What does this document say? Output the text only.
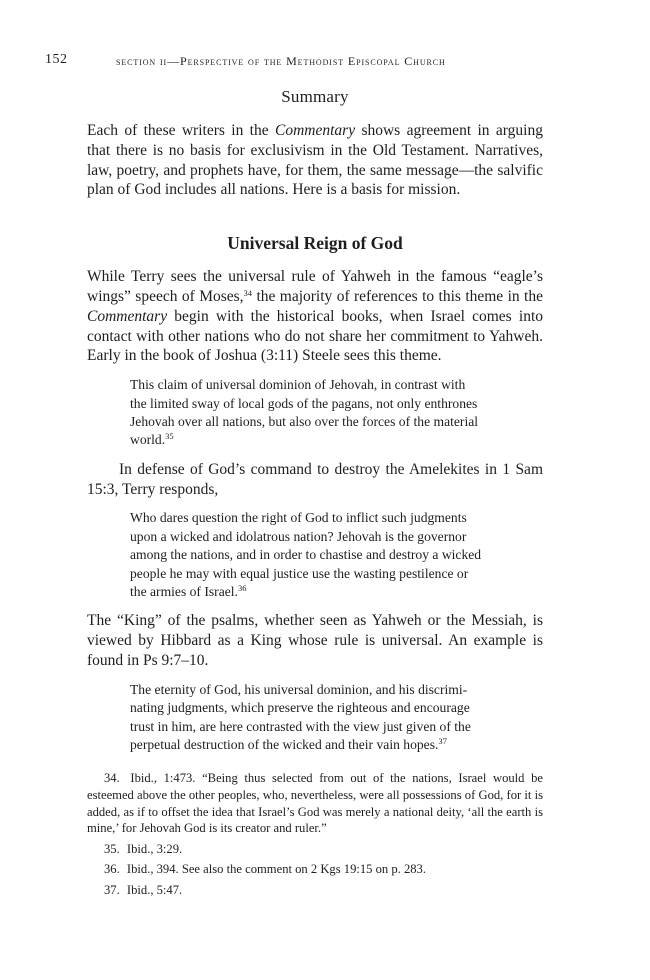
152	section ii—Perspective of the Methodist Episcopal Church
Summary

Each of these writers in the Commentary shows agreement in arguing that there is no basis for exclusivism in the Old Testament. Narratives, law, poetry, and prophets have, for them, the same message—the salvific plan of God includes all nations. Here is a basis for mission.

Universal Reign of God

While Terry sees the universal rule of Yahweh in the famous “eagle’s wings” speech of Moses,$^{34}$ the majority of references to this theme in the Commentary begin with the historical books, when Israel comes into contact with other nations who do not share her commitment to Yahweh. Early in the book of Joshua (3:11) Steele sees this theme.

This claim of universal dominion of Jehovah, in contrast with
the limited sway of local gods of the pagans, not only enthrones
Jehovah over all nations, but also over the forces of the material
world.$^{35}$

In defense of God’s command to destroy the Amelekites in 1 Sam 15:3, Terry responds,

Who dares question the right of God to inflict such judgments
upon a wicked and idolatrous nation? Jehovah is the governor
among the nations, and in order to chastise and destroy a wicked
people he may with equal justice use the wasting pestilence or
the armies of Israel.$^{36}$

The “King” of the psalms, whether seen as Yahweh or the Messiah, is viewed by Hibbard as a King whose rule is universal. An example is found in Ps 9:7–10.

The eternity of God, his universal dominion, and his discrimi-
nating judgments, which preserve the righteous and encourage
trust in him, are here contrasted with the view just given of the
perpetual destruction of the wicked and their vain hopes.$^{37}$

34. Ibid., 1:473. “Being thus selected from out of the nations, Israel would be esteemed above the other peoples, who, nevertheless, were all possessions of God, for it is added, as if to offset the idea that Israel’s God was merely a national deity, ‘all the earth is mine,’ for Jehovah God is its creator and ruler.”

35. Ibid., 3:29.

36. Ibid., 394. See also the comment on 2 Kgs 19:15 on p. 283.

37. Ibid., 5:47.
